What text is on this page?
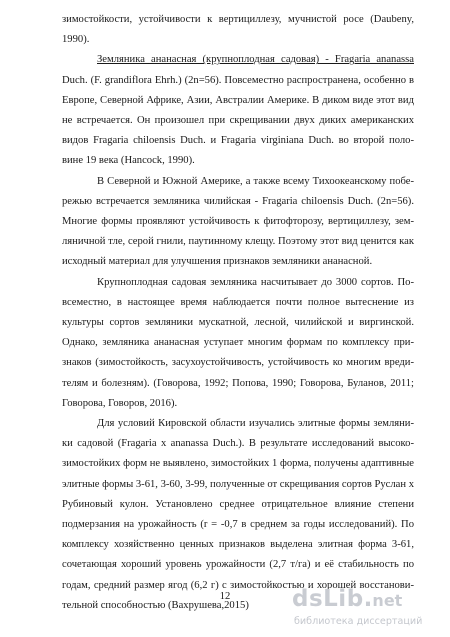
зимостойкости, устойчивости к вертициллезу, мучнистой росе (Daubeny, 1990).

Земляника ананасная (крупноплодная садовая) - Fragaria ananassa Duch. (F. grandiflora Ehrh.) (2n=56). Повсеместно распространена, особенно в Европе, Северной Африке, Азии, Австралии Америке. В диком виде этот вид не встречается. Он произошел при скрещивании двух диких американских видов Fragaria chiloensis Duch. и Fragaria virginiana Duch. во второй поло- вине 19 века (Hancock, 1990).

В Северной и Южной Америке, а также всему Тихоокеанскому побе- режью встречается земляника чилийская - Fragaria chiloensis Duch. (2n=56). Многие формы проявляют устойчивость к фитофторозу, вертициллезу, зем- ляничной тле, серой гнили, паутинному клещу. Поэтому этот вид ценится как исходный материал для улучшения признаков земляники ананасной.

Крупноплодная садовая земляника насчитывает до 3000 сортов. По- всеместно, в настоящее время наблюдается почти полное вытеснение из культуры сортов земляники мускатной, лесной, чилийской и виргинской. Однако, земляника ананасная уступает многим формам по комплексу при- знаков (зимостойкость, засухоустойчивость, устойчивость ко многим вреди- телям и болезням). (Говорова, 1992; Попова, 1990; Говорова, Буланов, 2011; Говорова, Говоров, 2016).

Для условий Кировской области изучались элитные формы земляни- ки садовой (Fragaria x ananassa Duch.). В результате исследований высоко- зимостойких форм не выявлено, зимостойких 1 форма, получены адаптивные элитные формы 3-61, 3-60, 3-99, полученные от скрещивания сортов Руслан х Рубиновый кулон. Установлено среднее отрицательное влияние степени подмерзания на урожайность (r = -0,7 в среднем за годы исследований). По комплексу хозяйственно ценных признаков выделена элитная форма 3-61, сочетающая хороший уровень урожайности (2,7 т/га) и её стабильность по годам, средний размер ягод (6,2 г) с зимостойкостью и хорошей восстанови- тельной способностью (Вахрушева,2015)

12	dsLib.net
библиотека диссертаций
